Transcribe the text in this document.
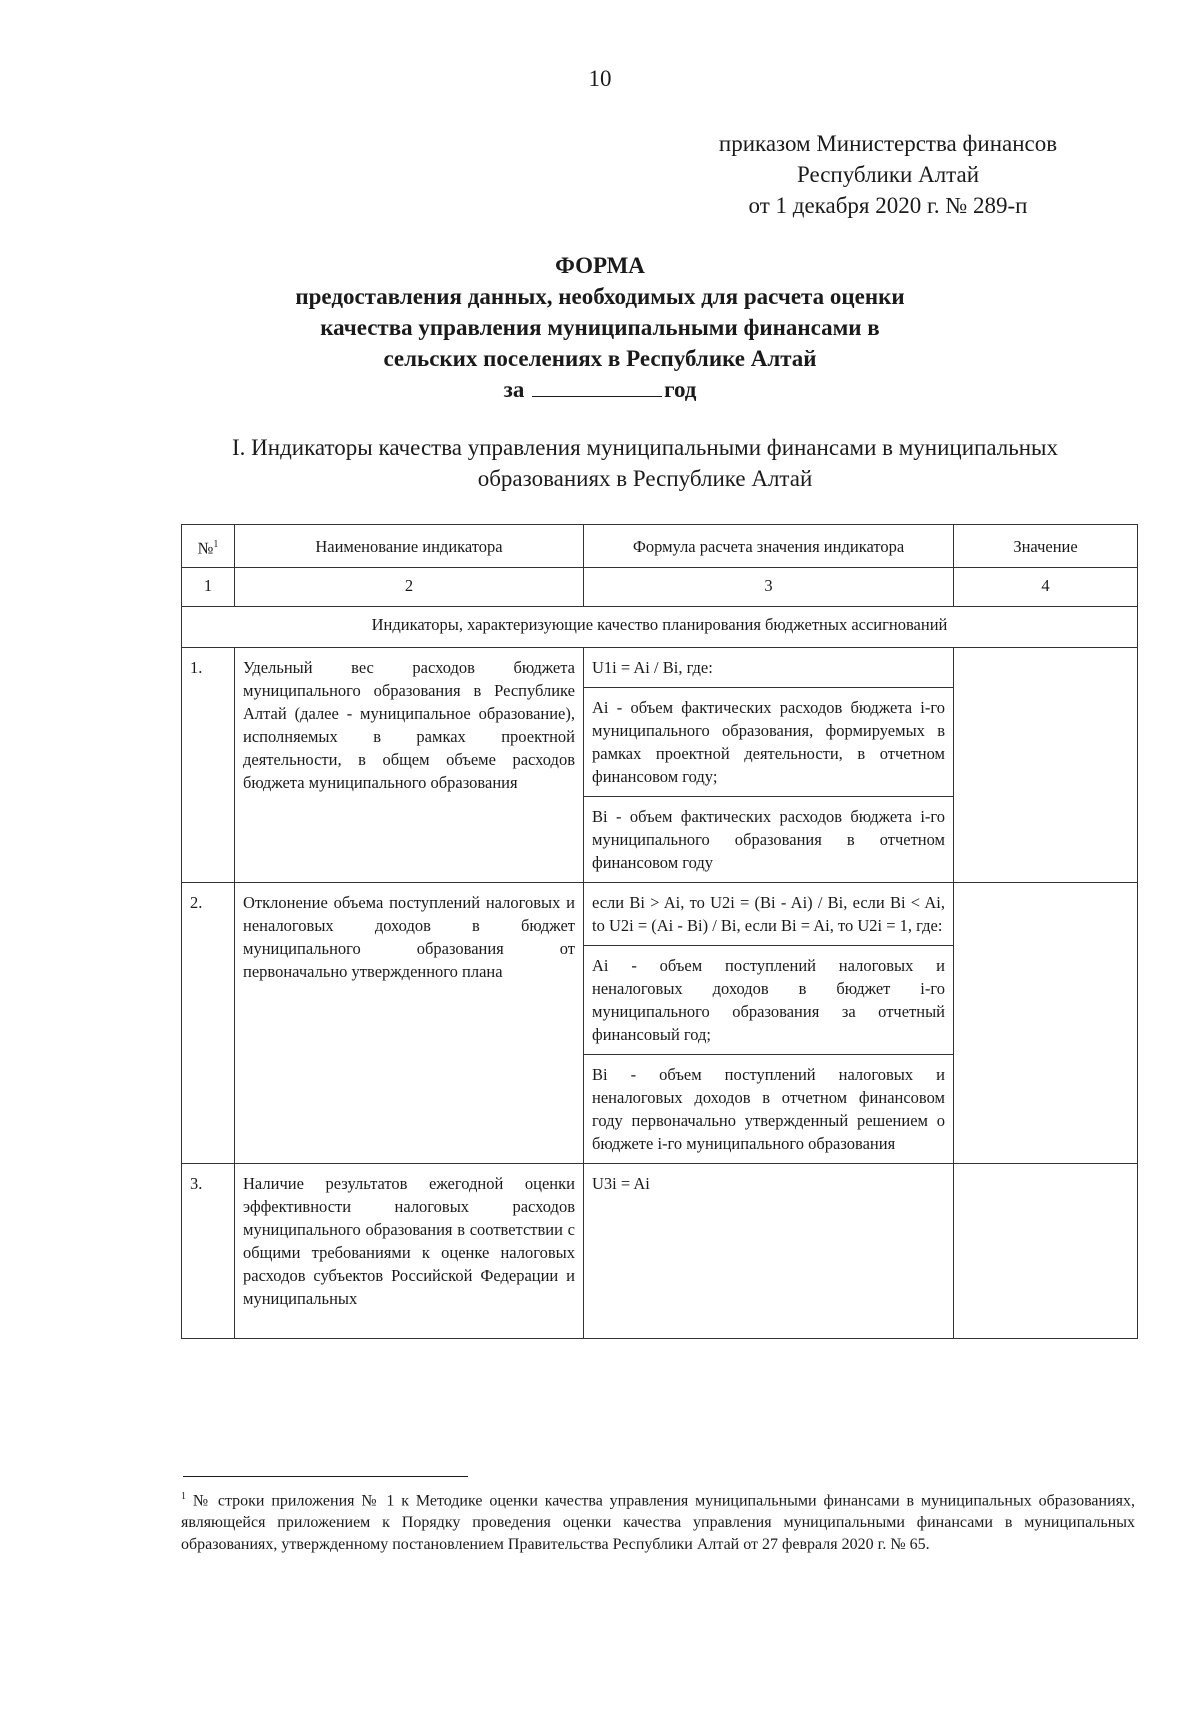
10
приказом Министерства финансов
Республики Алтай
от 1 декабря 2020 г. № 289-п
ФОРМА
предоставления данных, необходимых для расчета оценки
качества управления муниципальными финансами в
сельских поселениях в Республике Алтай
за	год
I. Индикаторы качества управления муниципальными финансами в муниципальных
образованиях в Республике Алтай
№$^1$	Наименование индикатора	Формула расчета значения индикатора	Значение
1	2	3	4
Индикаторы, характеризующие качество планирования бюджетных ассигнований			
1.	Удельный вес расходов бюджета муниципального образования в Республике Алтай (далее - муниципальное образование), исполняемых в рамках проектной деятельности, в общем объеме расходов бюджета муниципального образования	U1i = Ai / Bi, где:	
		Ai - объем фактических расходов бюджета i-го муниципального образования, формируемых в рамках проектной деятельности, в отчетном финансовом году;	
		Bi - объем фактических расходов бюджета i-го муниципального образования в отчетном финансовом году	
2.	Отклонение объема поступлений налоговых и неналоговых доходов в бюджет муниципального образования от первоначально утвержденного плана	если Bi > Ai, то U2i = (Bi - Ai) / Bi, если Bi < Ai, to U2i = (Ai - Bi) / Bi, если Bi = Ai, то U2i = 1, где:	
		Ai - объем поступлений налоговых и неналоговых доходов в бюджет i-го муниципального образования за отчетный финансовый год;	
		Bi - объем поступлений налоговых и неналоговых доходов в отчетном финансовом году первоначально утвержденный решением о бюджете i-го муниципального образования	
3.	Наличие результатов ежегодной оценки эффективности налоговых расходов муниципального образования в соответствии с общими требованиями к оценке налоговых расходов субъектов Российской Федерации и муниципальных	U3i = Ai	
$^1$ № строки приложения № 1 к Методике оценки качества управления муниципальными финансами в муниципальных образованиях, являющейся приложением к Порядку проведения оценки качества управления муниципальными финансами в муниципальных образованиях, утвержденному постановлением Правительства Республики Алтай от 27 февраля 2020 г. № 65.
